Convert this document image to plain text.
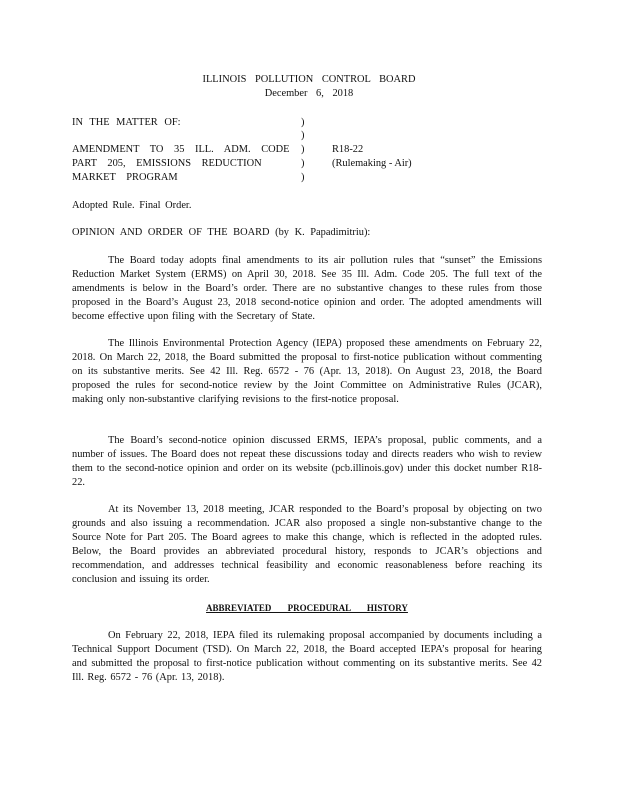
ILLINOIS POLLUTION CONTROL BOARD
December 6, 2018
IN THE MATTER OF:	)
)
)
)
)
AMENDMENT TO 35 ILL. ADM. CODE
PART 205, EMISSIONS REDUCTION
MARKET PROGRAM
R18-22
(Rulemaking - Air)
Adopted Rule. Final Order.
OPINION AND ORDER OF THE BOARD (by K. Papadimitriu):

The Board today adopts final amendments to its air pollution rules that “sunset” the Emissions Reduction Market System (ERMS) on April 30, 2018. See 35 Ill. Adm. Code 205. The full text of the amendments is below in the Board’s order. There are no substantive changes to these rules from those proposed in the Board’s August 23, 2018 second-notice opinion and order. The adopted amendments will become effective upon filing with the Secretary of State.

The Illinois Environmental Protection Agency (IEPA) proposed these amendments on February 22, 2018. On March 22, 2018, the Board submitted the proposal to first-notice publication without commenting on its substantive merits. See 42 Ill. Reg. 6572 - 76 (Apr. 13, 2018). On August 23, 2018, the Board proposed the rules for second-notice review by the Joint Committee on Administrative Rules (JCAR), making only non-substantive clarifying revisions to the first-notice proposal.

The Board’s second-notice opinion discussed ERMS, IEPA’s proposal, public comments, and a number of issues. The Board does not repeat these discussions today and directs readers who wish to review them to the second-notice opinion and order on its website (pcb.illinois.gov) under this docket number R18-22.

At its November 13, 2018 meeting, JCAR responded to the Board’s proposal by objecting on two grounds and also issuing a recommendation. JCAR also proposed a single non-substantive change to the Source Note for Part 205. The Board agrees to make this change, which is reflected in the adopted rules. Below, the Board provides an abbreviated procedural history, responds to JCAR’s objections and recommendation, and addresses technical feasibility and economic reasonableness before reaching its conclusion and issuing its order.

ABBREVIATED PROCEDURAL HISTORY

On February 22, 2018, IEPA filed its rulemaking proposal accompanied by documents including a Technical Support Document (TSD). On March 22, 2018, the Board accepted IEPA’s proposal for hearing and submitted the proposal to first-notice publication without commenting on its substantive merits. See 42 Ill. Reg. 6572 - 76 (Apr. 13, 2018).
